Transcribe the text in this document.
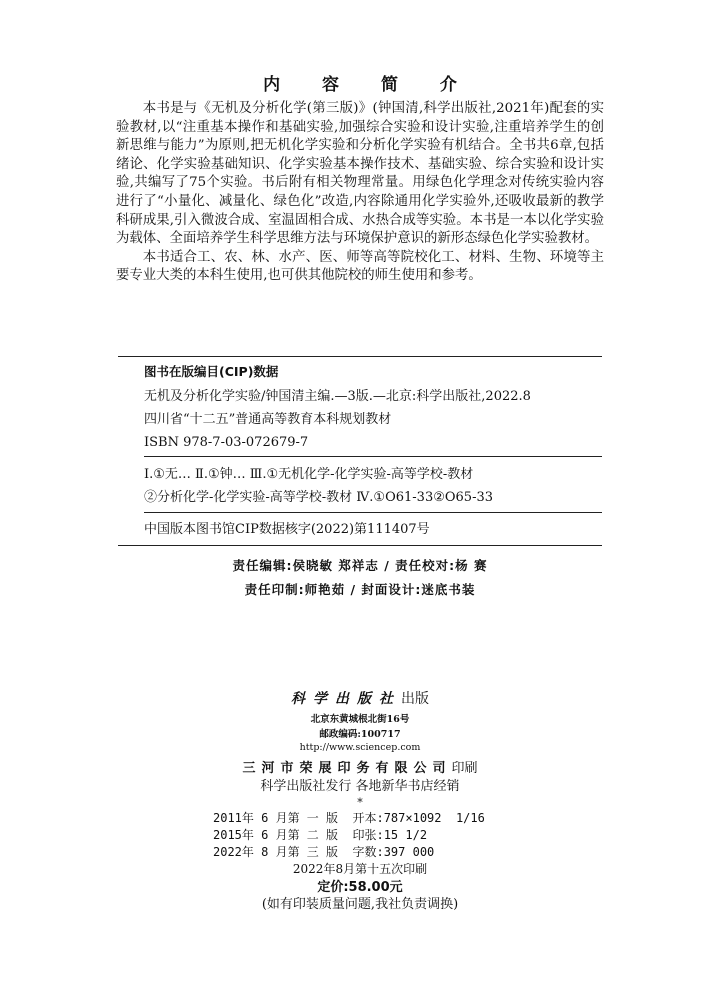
内 容 简 介

本书是与《无机及分析化学(第三版)》(钟国清,科学出版社,2021年)配套的实验教材,以“注重基本操作和基础实验,加强综合实验和设计实验,注重培养学生的创新思维与能力”为原则,把无机化学实验和分析化学实验有机结合。全书共6章,包括绪论、化学实验基础知识、化学实验基本操作技术、基础实验、综合实验和设计实验,共编写了75个实验。书后附有相关物理常量。用绿色化学理念对传统实验内容进行了“小量化、减量化、绿色化”改造,内容除通用化学实验外,还吸收最新的教学科研成果,引入微波合成、室温固相合成、水热合成等实验。本书是一本以化学实验为载体、全面培养学生科学思维方法与环境保护意识的新形态绿色化学实验教材。

本书适合工、农、林、水产、医、师等高等院校化工、材料、生物、环境等主要专业大类的本科生使用,也可供其他院校的师生使用和参考。

图书在版编目(CIP)数据
无机及分析化学实验/钟国清主编.—3版.—北京:科学出版社,2022.8
四川省“十二五”普通高等教育本科规划教材
ISBN 978-7-03-072679-7
Ⅰ.①无… Ⅱ.①钟… Ⅲ.①无机化学-化学实验-高等学校-教材
②分析化学-化学实验-高等学校-教材 Ⅳ.①O61-33②O65-33
中国版本图书馆CIP数据核字(2022)第111407号
责任编辑:侯晓敏 郑祥志 / 责任校对:杨 赛
责任印制:师艳茹 / 封面设计:迷底书装
科学出版社出版
北京东黄城根北街16号
邮政编码:100717
http://www.sciencep.com
三河市荣展印务有限公司印刷
科学出版社发行 各地新华书店经销
*
2011年 6 月第 一 版  开本:787×1092  1/16
2015年 6 月第 二 版  印张:15 1/2
2022年 8 月第 三 版  字数:397 000
2022年8月第十五次印刷
定价:58.00元
(如有印装质量问题,我社负责调换)
